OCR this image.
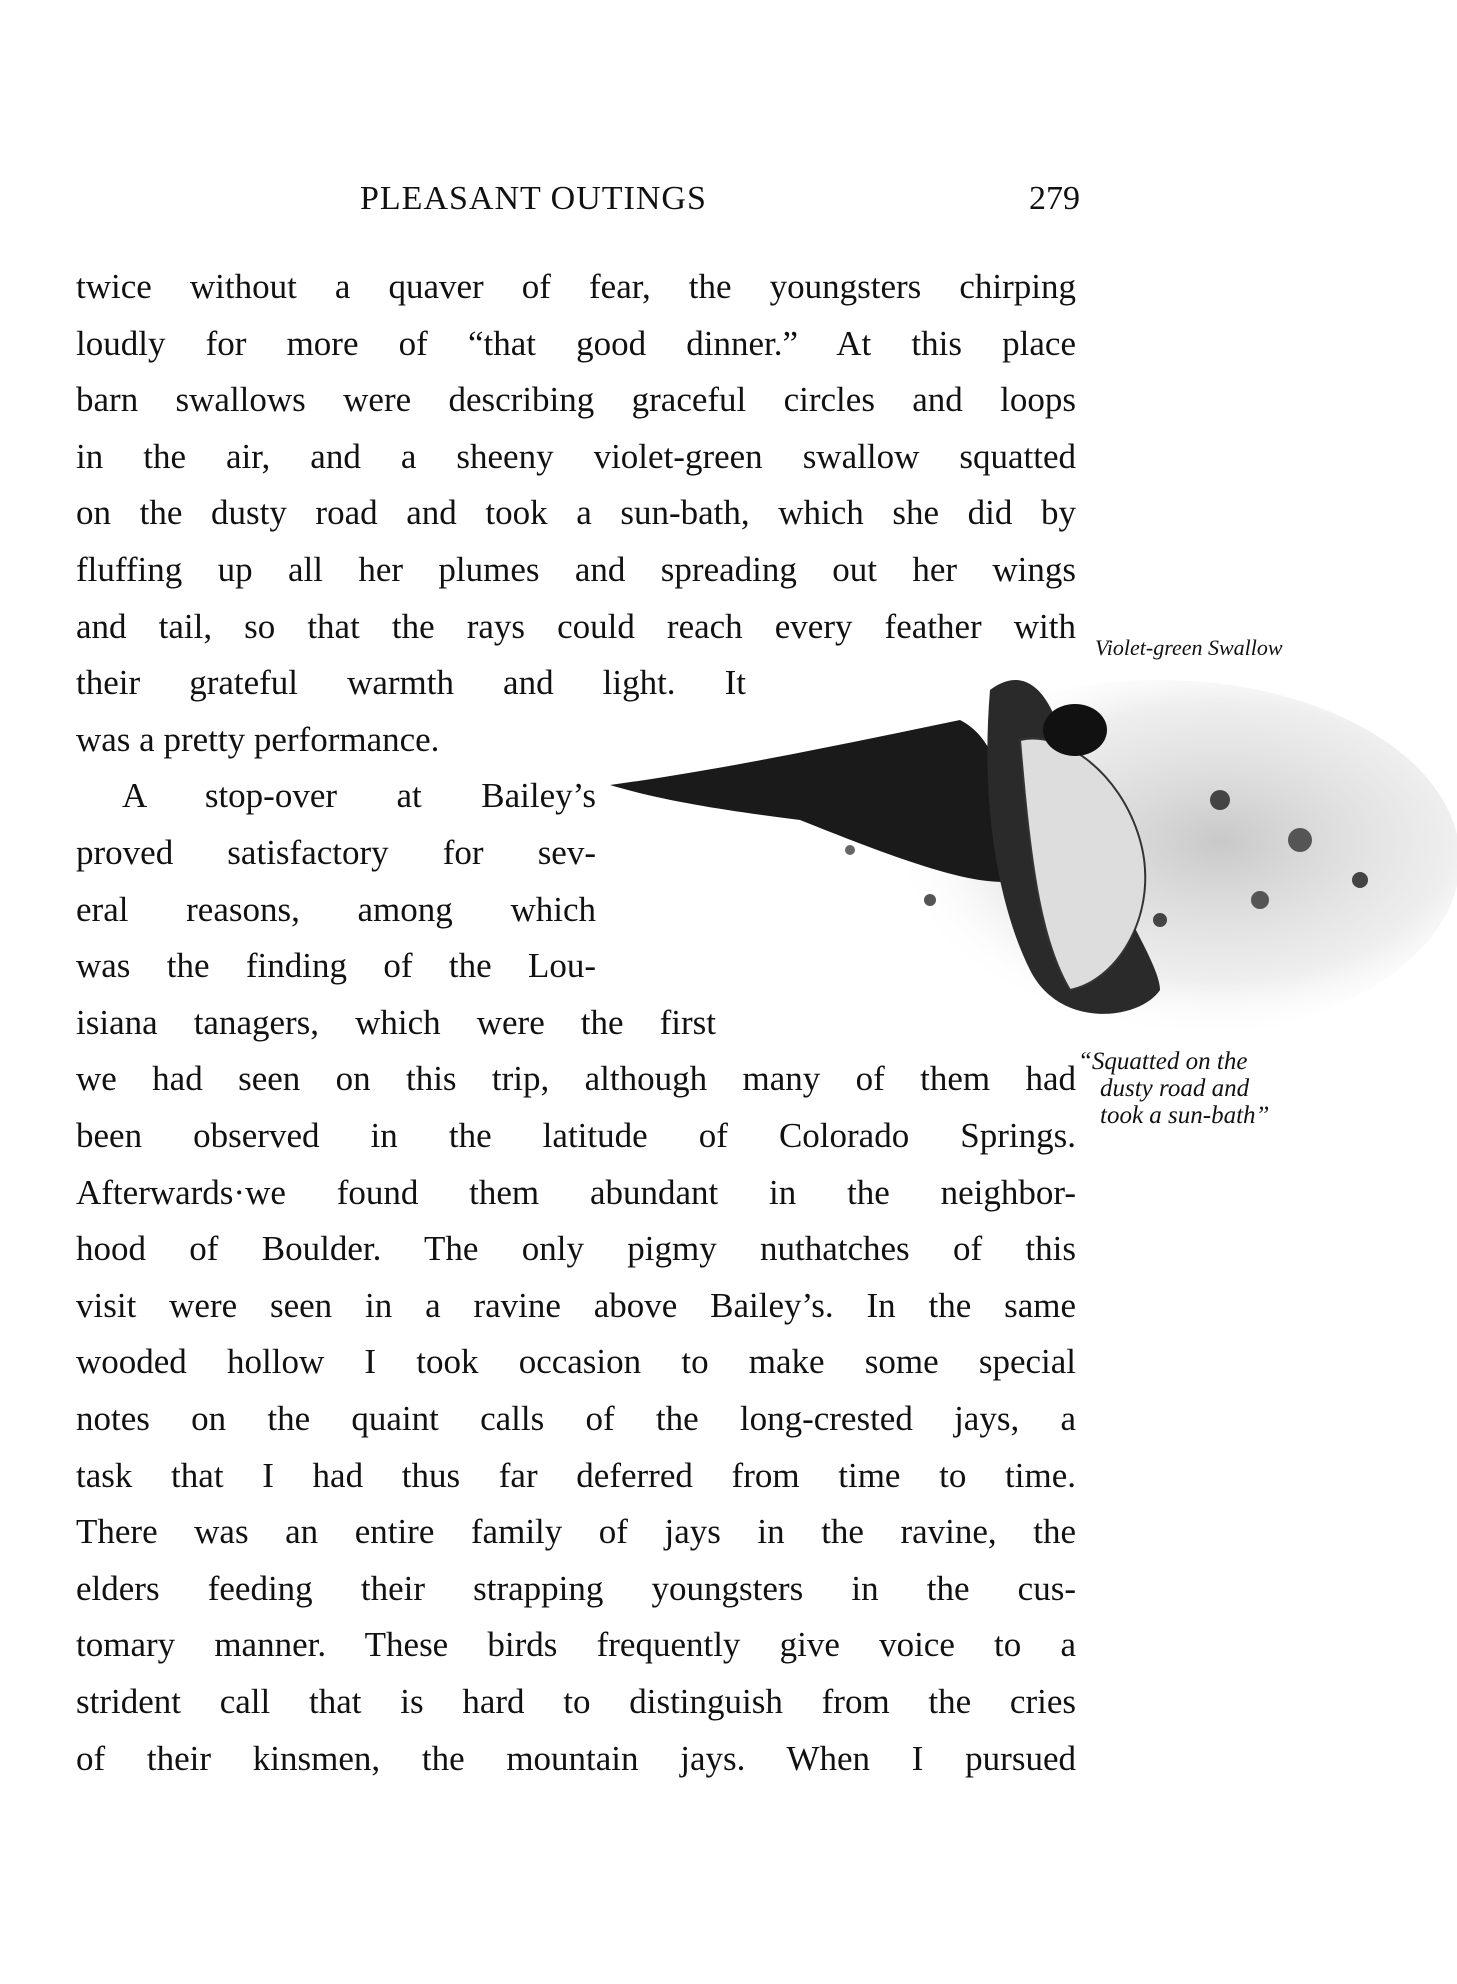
PLEASANT OUTINGS	279
twice without a quaver of fear, the youngsters chirping
loudly for more of “that good dinner.” At this place
barn swallows were describing graceful circles and loops
in the air, and a sheeny violet-green swallow squatted
on the dusty road and took a sun-bath, which she did by
fluffing up all her plumes and spreading out her wings
and tail, so that the rays could reach every feather with
their grateful warmth and light. It
was a pretty performance.
A stop-over at Bailey’s
proved satisfactory for sev-
eral reasons, among which
was the finding of the Lou-
isiana tanagers, which were the first
we had seen on this trip, although many of them had
been observed in the latitude of Colorado Springs.
Afterwards·we found them abundant in the neighbor-
hood of Boulder. The only pigmy nuthatches of this
visit were seen in a ravine above Bailey’s. In the same
wooded hollow I took occasion to make some special
notes on the quaint calls of the long-crested jays, a
task that I had thus far deferred from time to time.
There was an entire family of jays in the ravine, the
elders feeding their strapping youngsters in the cus-
tomary manner. These birds frequently give voice to a
strident call that is hard to distinguish from the cries
of their kinsmen, the mountain jays. When I pursued
Violet-green Swallow
“Squatted on the
dusty road and
took a sun-bath”
